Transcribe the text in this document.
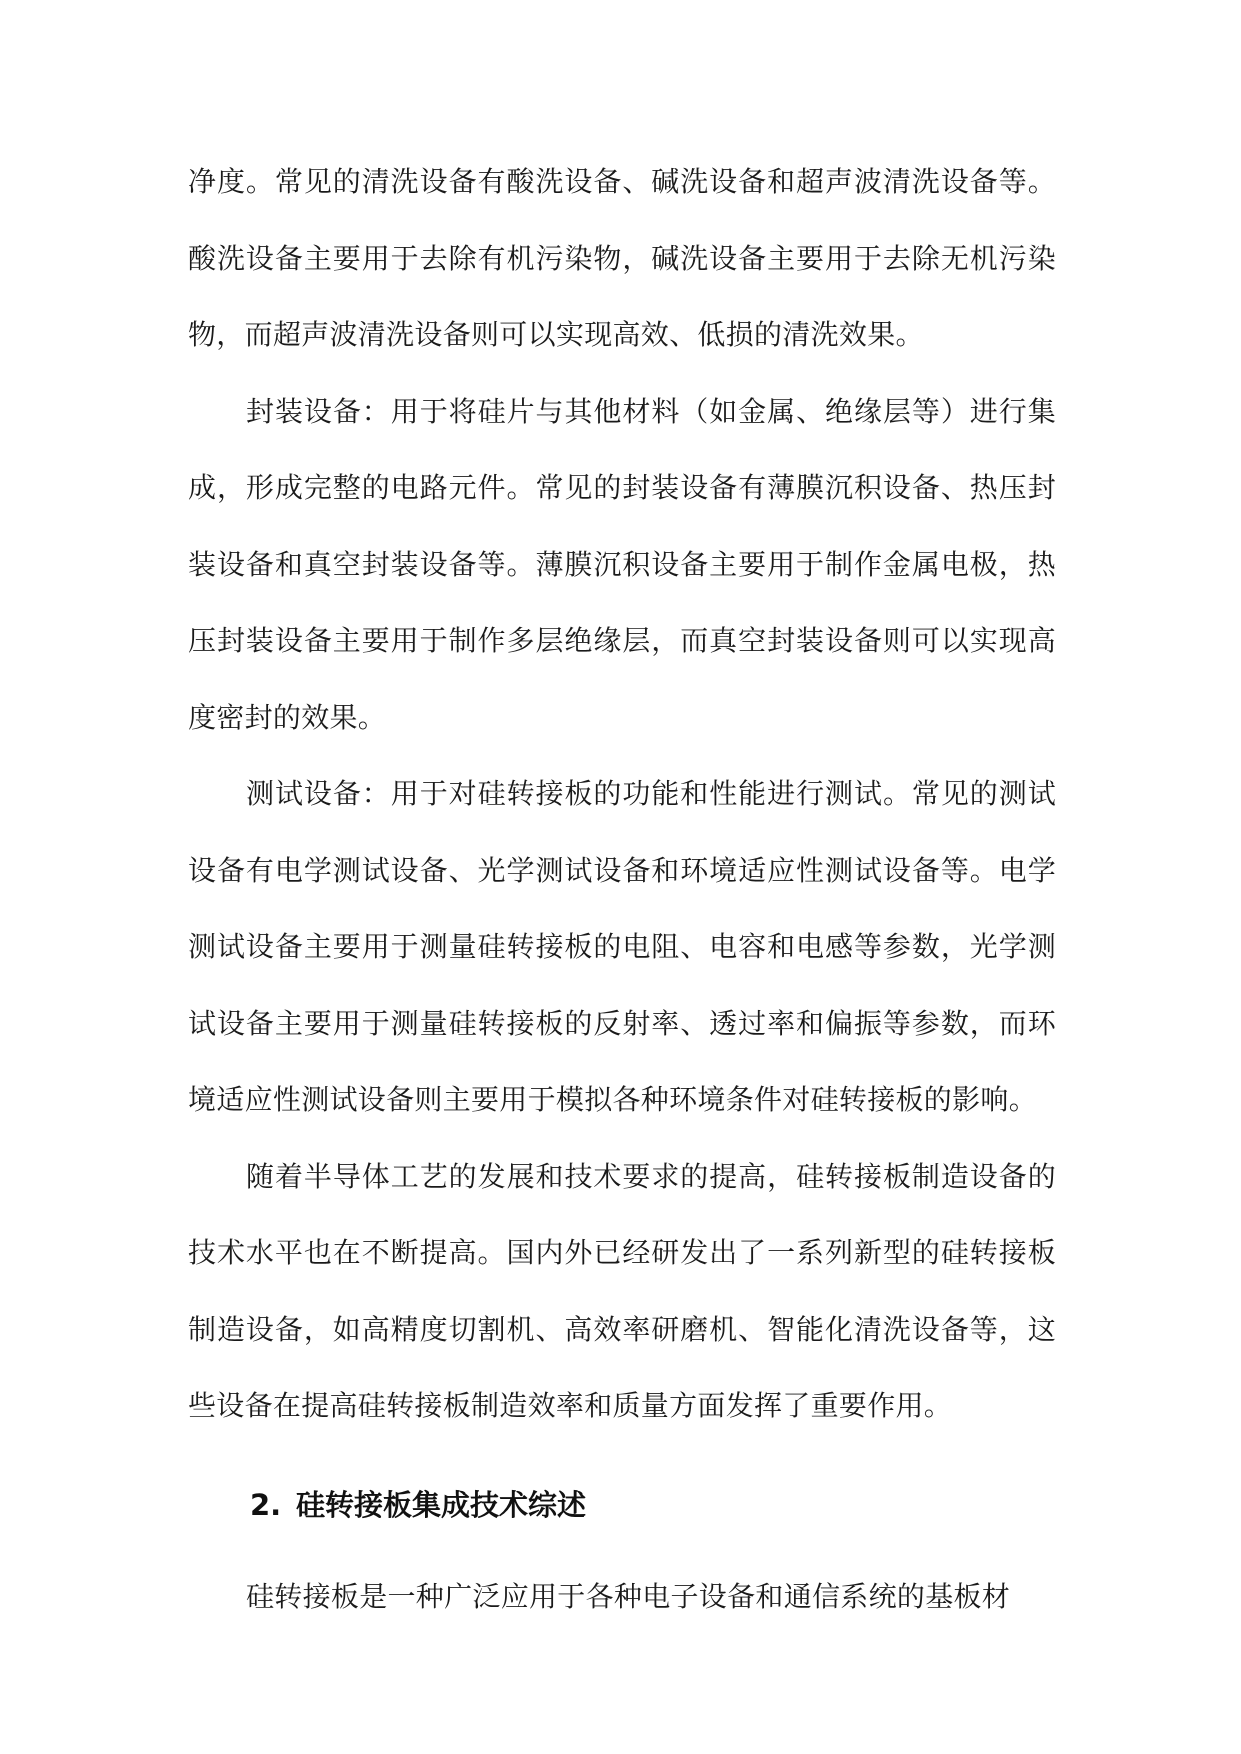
净度。常见的清洗设备有酸洗设备、碱洗设备和超声波清洗设备等。酸洗设备主要用于去除有机污染物，碱洗设备主要用于去除无机污染物，而超声波清洗设备则可以实现高效、低损的清洗效果。

封装设备：用于将硅片与其他材料（如金属、绝缘层等）进行集成，形成完整的电路元件。常见的封装设备有薄膜沉积设备、热压封装设备和真空封装设备等。薄膜沉积设备主要用于制作金属电极，热压封装设备主要用于制作多层绝缘层，而真空封装设备则可以实现高度密封的效果。

测试设备：用于对硅转接板的功能和性能进行测试。常见的测试设备有电学测试设备、光学测试设备和环境适应性测试设备等。电学测试设备主要用于测量硅转接板的电阻、电容和电感等参数，光学测试设备主要用于测量硅转接板的反射率、透过率和偏振等参数，而环境适应性测试设备则主要用于模拟各种环境条件对硅转接板的影响。

随着半导体工艺的发展和技术要求的提高，硅转接板制造设备的技术水平也在不断提高。国内外已经研发出了一系列新型的硅转接板制造设备，如高精度切割机、高效率研磨机、智能化清洗设备等，这些设备在提高硅转接板制造效率和质量方面发挥了重要作用。

2. 硅转接板集成技术综述

硅转接板是一种广泛应用于各种电子设备和通信系统的基板材
